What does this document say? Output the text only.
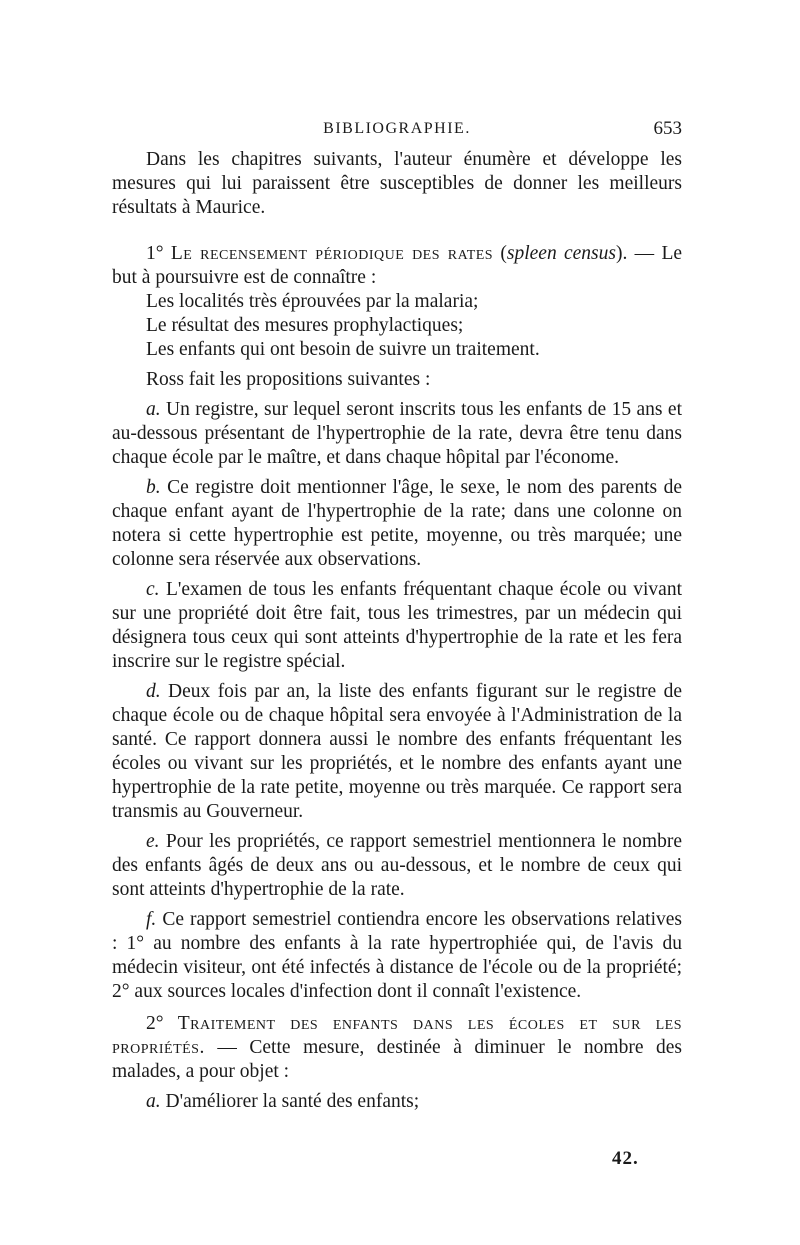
BIBLIOGRAPHIE.	653

Dans les chapitres suivants, l'auteur énumère et développe les mesures qui lui paraissent être susceptibles de donner les meilleurs résultats à Maurice.

1° Le recensement périodique des rates (spleen census). — Le but à poursuivre est de connaître :

Les localités très éprouvées par la malaria;

Le résultat des mesures prophylactiques;

Les enfants qui ont besoin de suivre un traitement.

Ross fait les propositions suivantes :

a. Un registre, sur lequel seront inscrits tous les enfants de 15 ans et au-dessous présentant de l'hypertrophie de la rate, devra être tenu dans chaque école par le maître, et dans chaque hôpital par l'économe.

b. Ce registre doit mentionner l'âge, le sexe, le nom des parents de chaque enfant ayant de l'hypertrophie de la rate; dans une colonne on notera si cette hypertrophie est petite, moyenne, ou très marquée; une colonne sera réservée aux observations.

c. L'examen de tous les enfants fréquentant chaque école ou vivant sur une propriété doit être fait, tous les trimestres, par un médecin qui désignera tous ceux qui sont atteints d'hypertrophie de la rate et les fera inscrire sur le registre spécial.

d. Deux fois par an, la liste des enfants figurant sur le registre de chaque école ou de chaque hôpital sera envoyée à l'Administration de la santé. Ce rapport donnera aussi le nombre des enfants fréquentant les écoles ou vivant sur les propriétés, et le nombre des enfants ayant une hypertrophie de la rate petite, moyenne ou très marquée. Ce rapport sera transmis au Gouverneur.

e. Pour les propriétés, ce rapport semestriel mentionnera le nombre des enfants âgés de deux ans ou au-dessous, et le nombre de ceux qui sont atteints d'hypertrophie de la rate.

f. Ce rapport semestriel contiendra encore les observations relatives : 1° au nombre des enfants à la rate hypertrophiée qui, de l'avis du médecin visiteur, ont été infectés à distance de l'école ou de la propriété; 2° aux sources locales d'infection dont il connaît l'existence.

2° Traitement des enfants dans les écoles et sur les propriétés. — Cette mesure, destinée à diminuer le nombre des malades, a pour objet :

a. D'améliorer la santé des enfants;

42.
